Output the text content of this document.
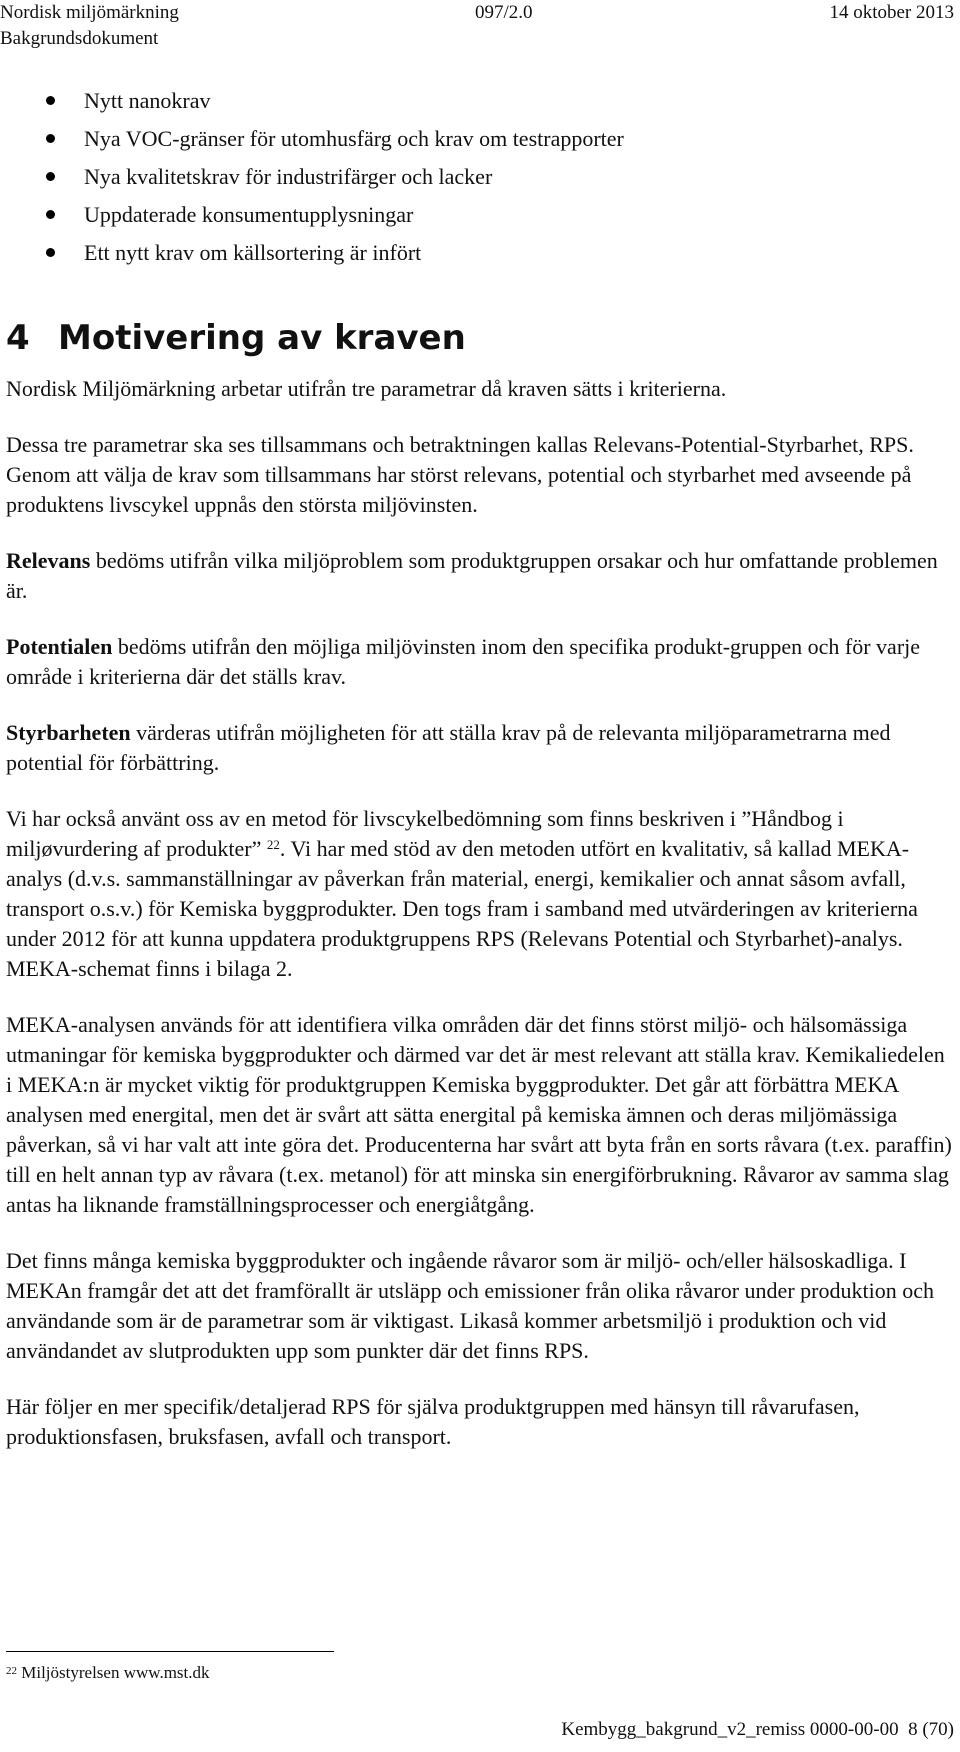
Nordisk miljömärkning	097/2.0	14 oktober 2013
Bakgrundsdokument
Nytt nanokrav
Nya VOC-gränser för utomhusfärg och krav om testrapporter
Nya kvalitetskrav för industrifärger och lacker
Uppdaterade konsumentupplysningar
Ett nytt krav om källsortering är infört
4 Motivering av kraven

Nordisk Miljömärkning arbetar utifrån tre parametrar då kraven sätts i kriterierna.

Dessa tre parametrar ska ses tillsammans och betraktningen kallas Relevans-Potential-Styrbarhet, RPS. Genom att välja de krav som tillsammans har störst relevans, potential och styrbarhet med avseende på produktens livscykel uppnås den största miljövinsten.

Relevans bedöms utifrån vilka miljöproblem som produktgruppen orsakar och hur omfattande problemen är.

Potentialen bedöms utifrån den möjliga miljövinsten inom den specifika produkt-gruppen och för varje område i kriterierna där det ställs krav.

Styrbarheten värderas utifrån möjligheten för att ställa krav på de relevanta miljöparametrarna med potential för förbättring.

Vi har också använt oss av en metod för livscykelbedömning som finns beskriven i ”Håndbog i miljøvurdering af produkter” $^{22}$. Vi har med stöd av den metoden utfört en kvalitativ, så kallad MEKA-analys (d.v.s. sammanställningar av påverkan från material, energi, kemikalier och annat såsom avfall, transport o.s.v.) för Kemiska byggprodukter. Den togs fram i samband med utvärderingen av kriterierna under 2012 för att kunna uppdatera produktgruppens RPS (Relevans Potential och Styrbarhet)-analys. MEKA-schemat finns i bilaga 2.

MEKA-analysen används för att identifiera vilka områden där det finns störst miljö- och hälsomässiga utmaningar för kemiska byggprodukter och därmed var det är mest relevant att ställa krav. Kemikaliedelen i MEKA:n är mycket viktig för produktgruppen Kemiska byggprodukter. Det går att förbättra MEKA analysen med energital, men det är svårt att sätta energital på kemiska ämnen och deras miljömässiga påverkan, så vi har valt att inte göra det. Producenterna har svårt att byta från en sorts råvara (t.ex. paraffin) till en helt annan typ av råvara (t.ex. metanol) för att minska sin energiförbrukning. Råvaror av samma slag antas ha liknande framställningsprocesser och energiåtgång.

Det finns många kemiska byggprodukter och ingående råvaror som är miljö- och/eller hälsoskadliga. I MEKAn framgår det att det framförallt är utsläpp och emissioner från olika råvaror under produktion och användande som är de parametrar som är viktigast. Likaså kommer arbetsmiljö i produktion och vid användandet av slutprodukten upp som punkter där det finns RPS.

Här följer en mer specifik/detaljerad RPS för själva produktgruppen med hänsyn till råvarufasen, produktionsfasen, bruksfasen, avfall och transport.

$^{22}$ Miljöstyrelsen www.mst.dk
Kembygg_bakgrund_v2_remiss 0000-00-00 8 (70)
